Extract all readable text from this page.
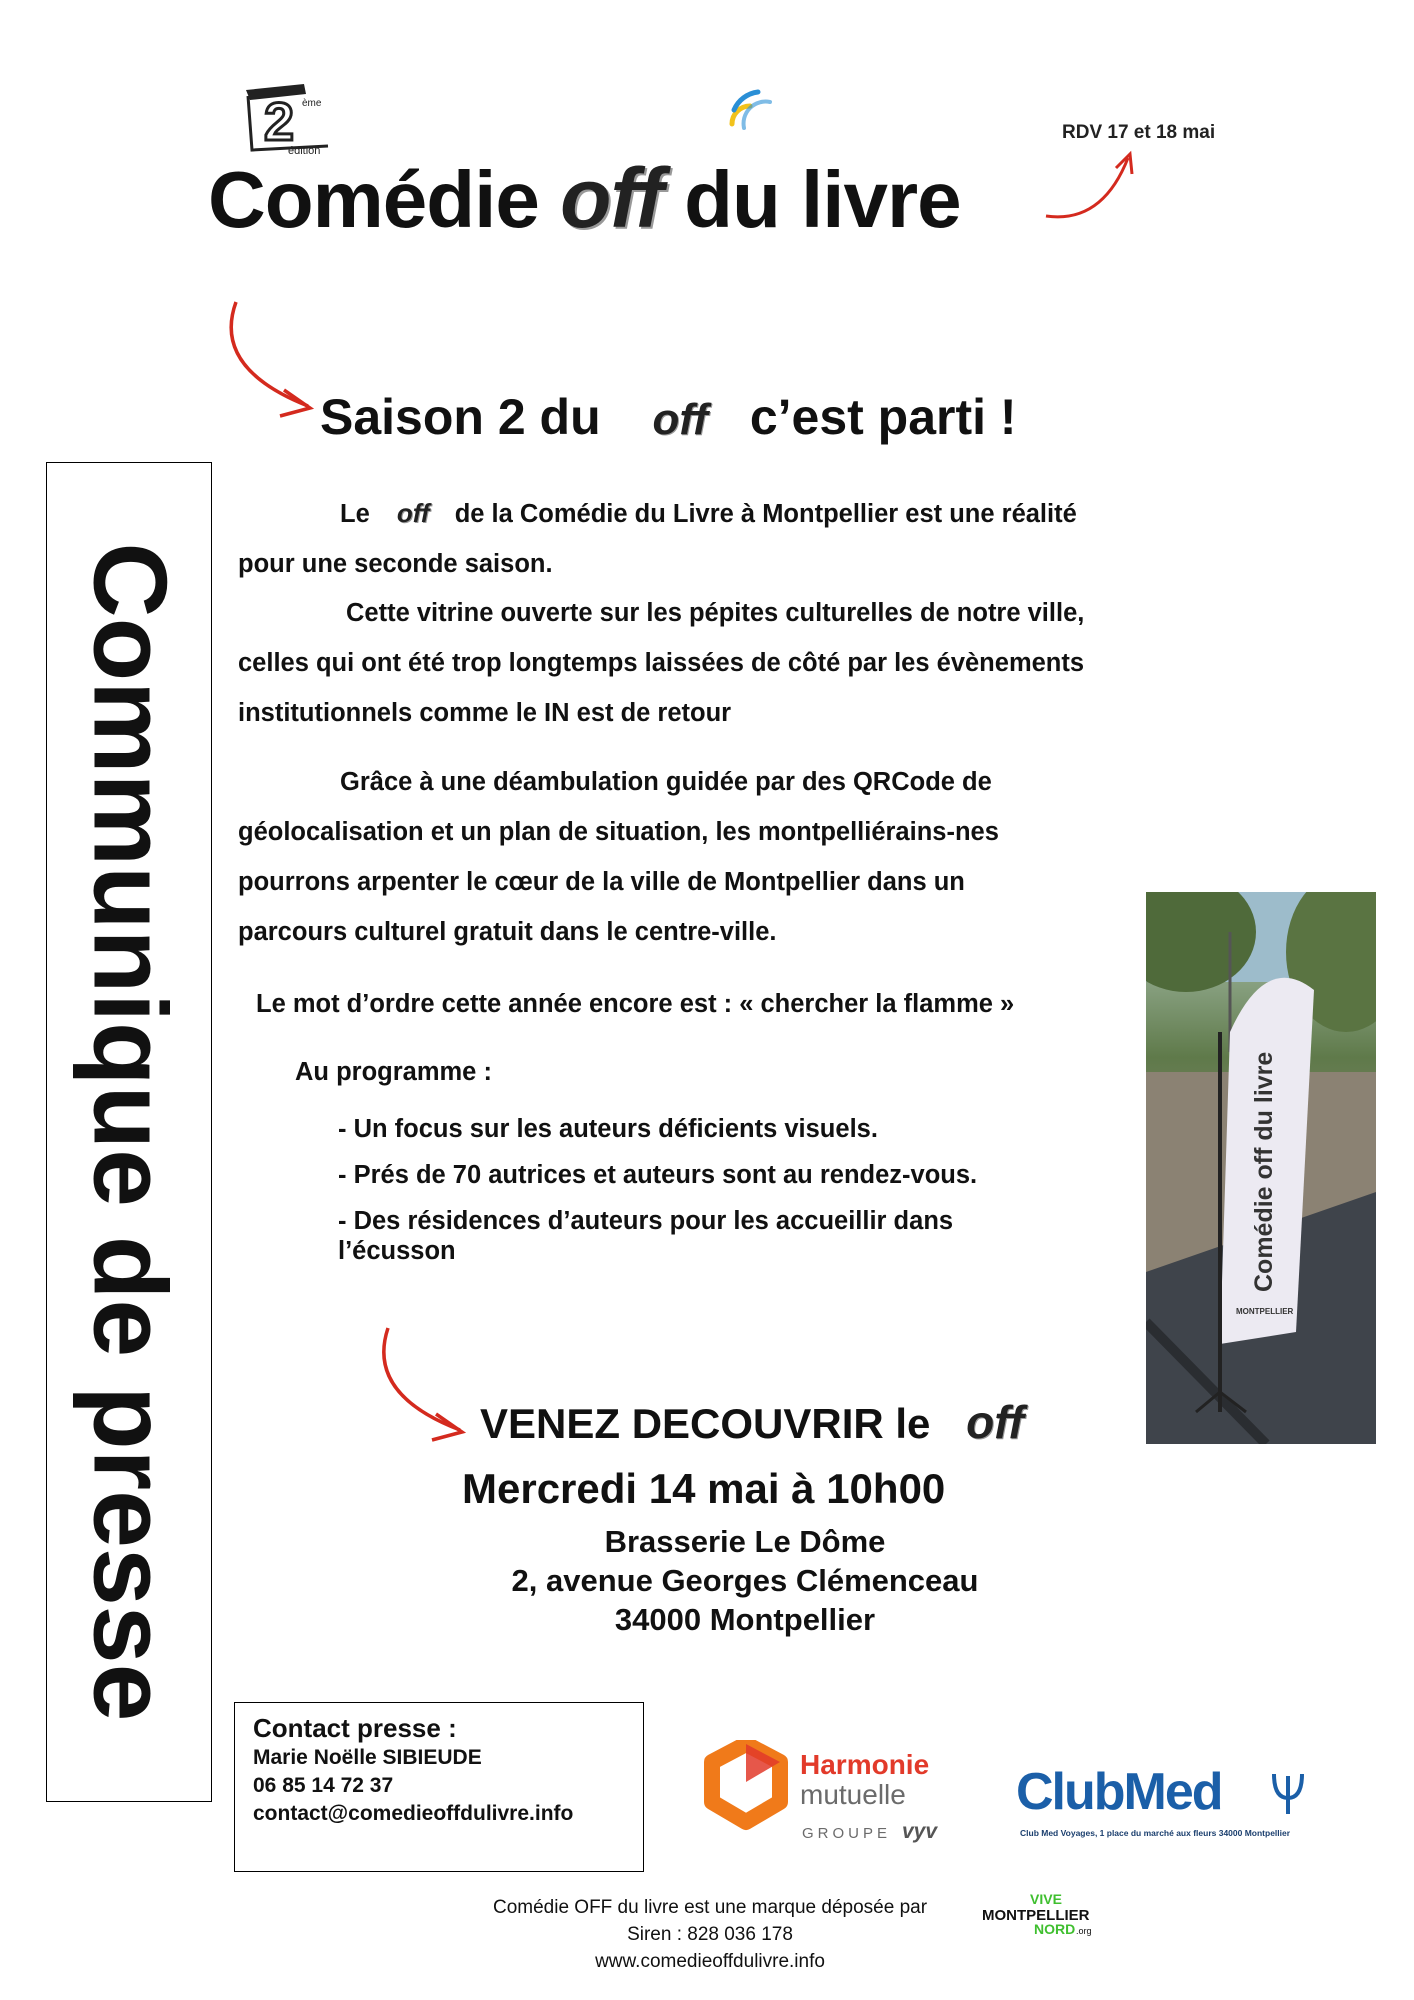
2 ème
édition
Comédie off du livre
RDV 17 et 18 mai
Communique de presse
Saison 2 du off c’est parti !
Le off de la Comédie du Livre à Montpellier est une réalité
pour une seconde saison.
Cette vitrine ouverte sur les pépites culturelles de notre ville,
celles qui ont été trop longtemps laissées de côté par les évènements
institutionnels comme le IN est de retour
Grâce à une déambulation guidée par des QRCode de
géolocalisation et un plan de situation, les montpelliérains-nes
pourrons arpenter le cœur de la ville de Montpellier dans un
parcours culturel gratuit dans le centre-ville.
Le mot d’ordre cette année encore est : « chercher la flamme »
Au programme :
- Un focus sur les auteurs déficients visuels.
- Prés de 70 autrices et auteurs sont au rendez-vous.
- Des résidences d’auteurs pour les accueillir dans
l’écusson	Comédie off du livre
MONTPELLIER
VENEZ DECOUVRIR le off
Mercredi 14 mai à 10h00
Brasserie Le Dôme
2, avenue Georges Clémenceau
34000 Montpellier
Contact presse :
Marie Noëlle SIBIEUDE
06 85 14 72 37
contact@comedieoffdulivre.info
Harmonie
mutuelle
GROUPE vyv
ClubMed
Club Med Voyages, 1 place du marché aux fleurs 34000 Montpellier
Comédie OFF du livre est une marque déposée par
Siren : 828 036 178
www.comedieoffdulivre.info
VIVE
MONTPELLIER
NORD .org
